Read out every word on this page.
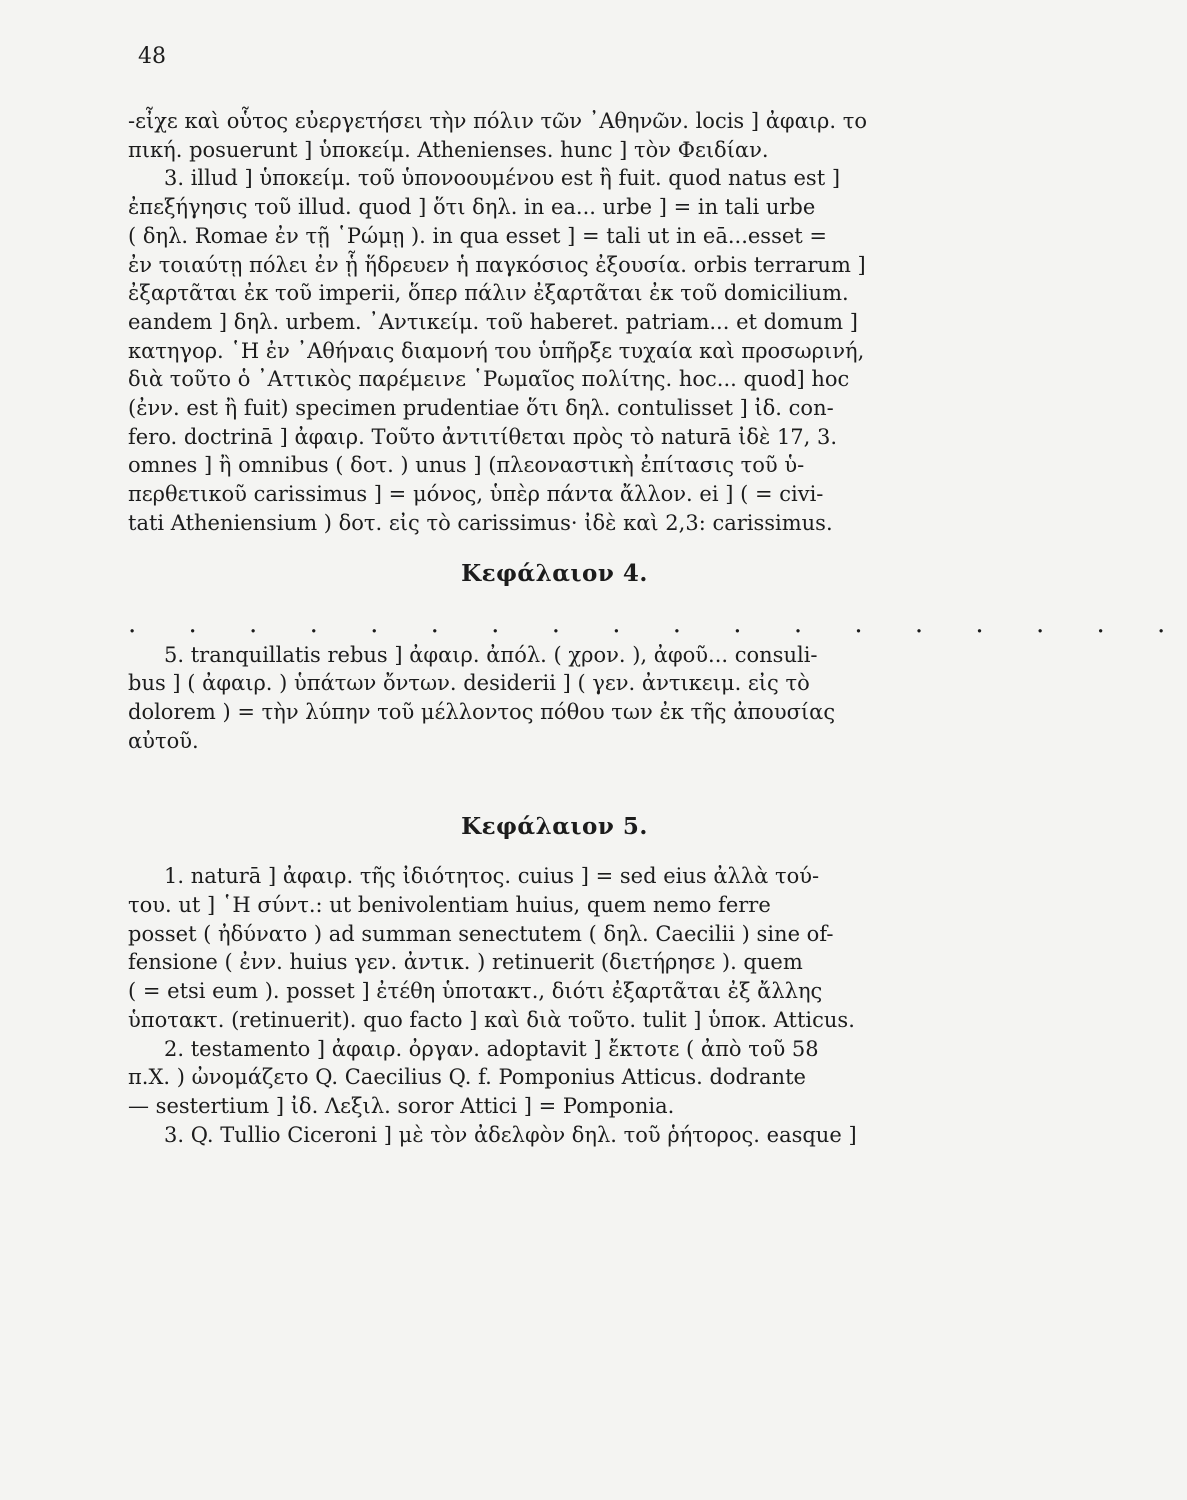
48
-εἶχε καὶ οὗτος εὐεργετήσει τὴν πόλιν τῶν ᾿Αθηνῶν. locis ] ἀφαιρ. το
πική. posuerunt ] ὑποκείμ. Athenienses. hunc ] τὸν Φειδίαν.
3. illud ] ὑποκείμ. τοῦ ὑπονοουμένου est ἢ fuit. quod natus est ]
ἐπεξήγησις τοῦ illud. quod ] ὅτι δηλ. in ea... urbe ] = in tali urbe
( δηλ. Romae ἐν τῇ ῾Ρώμῃ ). in qua esset ] = tali ut in eā...esset =
ἐν τοιαύτῃ πόλει ἐν ᾗ ἥδρευεν ἡ παγκόσιος ἐξουσία. orbis terrarum ]
ἐξαρτᾶται ἐκ τοῦ imperii, ὅπερ πάλιν ἐξαρτᾶται ἐκ τοῦ domicilium.
eandem ] δηλ. urbem. ᾿Αντικείμ. τοῦ haberet. patriam... et domum ]
κατηγορ. ῾Η ἐν ᾿Αθήναις διαμονή του ὑπῆρξε τυχαία καὶ προσωρινή,
διὰ τοῦτο ὁ ᾿Αττικὸς παρέμεινε ῾Ρωμαῖος πολίτης. hoc... quod] hoc
(ἐνν. est ἢ fuit) specimen prudentiae ὅτι δηλ. contulisset ] ἰδ. con-
fero. doctrinā ] ἀφαιρ. Τοῦτο ἀντιτίθεται πρὸς τὸ naturā ἰδὲ 17, 3.
omnes ] ἢ omnibus ( δοτ. ) unus ] (πλεοναστικὴ ἐπίτασις τοῦ ὑ-
περθετικοῦ carissimus ] = μόνος, ὑπὲρ πάντα ἄλλον. ei ] ( = civi-
tati Atheniensium ) δοτ. εἰς τὸ carissimus· ἰδὲ καὶ 2,3: carissimus.
Κεφάλαιον 4.
. . . . . . . . . . . . . . . . . .
5. tranquillatis rebus ] ἀφαιρ. ἀπόλ. ( χρον. ), ἀφοῦ... consuli-
bus ] ( ἀφαιρ. ) ὑπάτων ὄντων. desiderii ] ( γεν. ἀντικειμ. εἰς τὸ
dolorem ) = τὴν λύπην τοῦ μέλλοντος πόθου των ἐκ τῆς ἀπουσίας
αὐτοῦ.
Κεφάλαιον 5.
1. naturā ] ἀφαιρ. τῆς ἰδιότητος. cuius ] = sed eius ἀλλὰ τού-
του. ut ] ῾Η σύντ.: ut benivolentiam huius, quem nemo ferre
posset ( ἠδύνατο ) ad summan senectutem ( δηλ. Caecilii ) sine of-
fensione ( ἐνν. huius γεν. ἀντικ. ) retinuerit (διετήρησε ). quem
( = etsi eum ). posset ] ἐτέθη ὑποτακτ., διότι ἐξαρτᾶται ἐξ ἄλλης
ὑποτακτ. (retinuerit). quo facto ] καὶ διὰ τοῦτο. tulit ] ὑποκ. Atticus.
2. testamento ] ἀφαιρ. ὀργαν. adoptavit ] ἔκτοτε ( ἀπὸ τοῦ 58
π.Χ. ) ὠνομάζετο Q. Caecilius Q. f. Pomponius Atticus. dodrante
— sestertium ] ἰδ. Λεξιλ. soror Attici ] = Pomponia.
3. Q. Tullio Ciceroni ] μὲ τὸν ἀδελφὸν δηλ. τοῦ ῥήτορος. easque ]
